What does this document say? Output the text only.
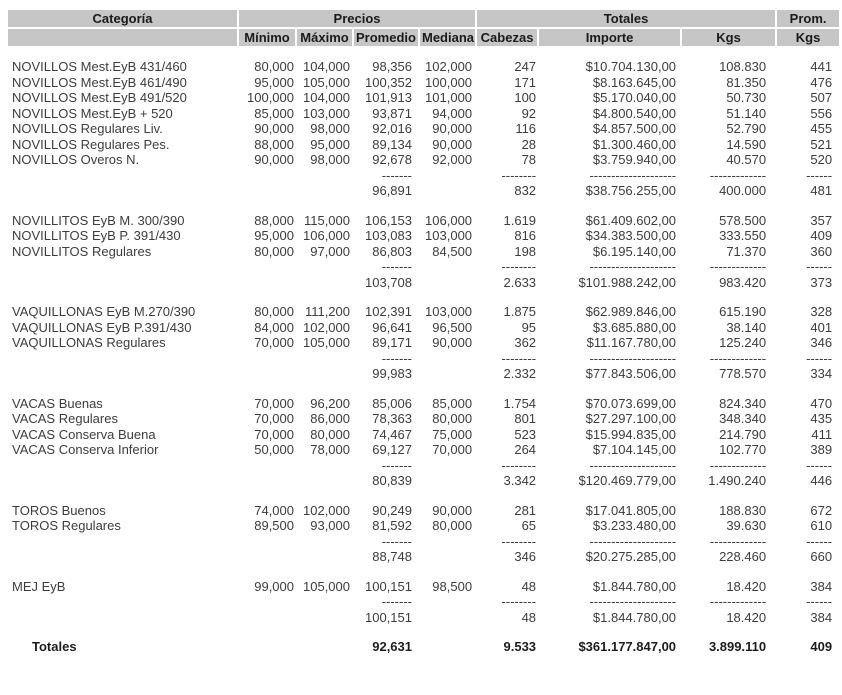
Categoría	Precios				Totales			Prom.
	Mínimo	Máximo	Promedio	Mediana	Cabezas	Importe	Kgs	Kgs

NOVILLOS Mest.EyB 431/460	80,000	104,000	98,356	102,000	247	$10.704.130,00	108.830	441
NOVILLOS Mest.EyB 461/490	95,000	105,000	100,352	100,000	171	$8.163.645,00	81.350	476
NOVILLOS Mest.EyB 491/520	100,000	104,000	101,913	101,000	100	$5.170.040,00	50.730	507
NOVILLOS Mest.EyB + 520	85,000	103,000	93,871	94,000	92	$4.800.540,00	51.140	556
NOVILLOS Regulares Liv.	90,000	98,000	92,016	90,000	116	$4.857.500,00	52.790	455
NOVILLOS Regulares Pes.	88,000	95,000	89,134	90,000	28	$1.300.460,00	14.590	521
NOVILLOS Overos N.	90,000	98,000	92,678	92,000	78	$3.759.940,00	40.570	520
			-------		--------	--------------------	-------------	------
			96,891		832	$38.756.255,00	400.000	481

NOVILLITOS EyB M. 300/390	88,000	115,000	106,153	106,000	1.619	$61.409.602,00	578.500	357
NOVILLITOS EyB P. 391/430	95,000	106,000	103,083	103,000	816	$34.383.500,00	333.550	409
NOVILLITOS Regulares	80,000	97,000	86,803	84,500	198	$6.195.140,00	71.370	360
			-------		--------	--------------------	-------------	------
			103,708		2.633	$101.988.242,00	983.420	373

VAQUILLONAS EyB M.270/390	80,000	111,200	102,391	103,000	1.875	$62.989.846,00	615.190	328
VAQUILLONAS EyB P.391/430	84,000	102,000	96,641	96,500	95	$3.685.880,00	38.140	401
VAQUILLONAS Regulares	70,000	105,000	89,171	90,000	362	$11.167.780,00	125.240	346
			-------		--------	--------------------	-------------	------
			99,983		2.332	$77.843.506,00	778.570	334

VACAS Buenas	70,000	96,200	85,006	85,000	1.754	$70.073.699,00	824.340	470
VACAS Regulares	70,000	86,000	78,363	80,000	801	$27.297.100,00	348.340	435
VACAS Conserva Buena	70,000	80,000	74,467	75,000	523	$15.994.835,00	214.790	411
VACAS Conserva Inferior	50,000	78,000	69,127	70,000	264	$7.104.145,00	102.770	389
			-------		--------	--------------------	-------------	------
			80,839		3.342	$120.469.779,00	1.490.240	446

TOROS Buenos	74,000	102,000	90,249	90,000	281	$17.041.805,00	188.830	672
TOROS Regulares	89,500	93,000	81,592	80,000	65	$3.233.480,00	39.630	610
			-------		--------	--------------------	-------------	------
			88,748		346	$20.275.285,00	228.460	660

MEJ EyB	99,000	105,000	100,151	98,500	48	$1.844.780,00	18.420	384
			-------		--------	--------------------	-------------	------
			100,151		48	$1.844.780,00	18.420	384

Totales			92,631		9.533	$361.177.847,00	3.899.110	409
